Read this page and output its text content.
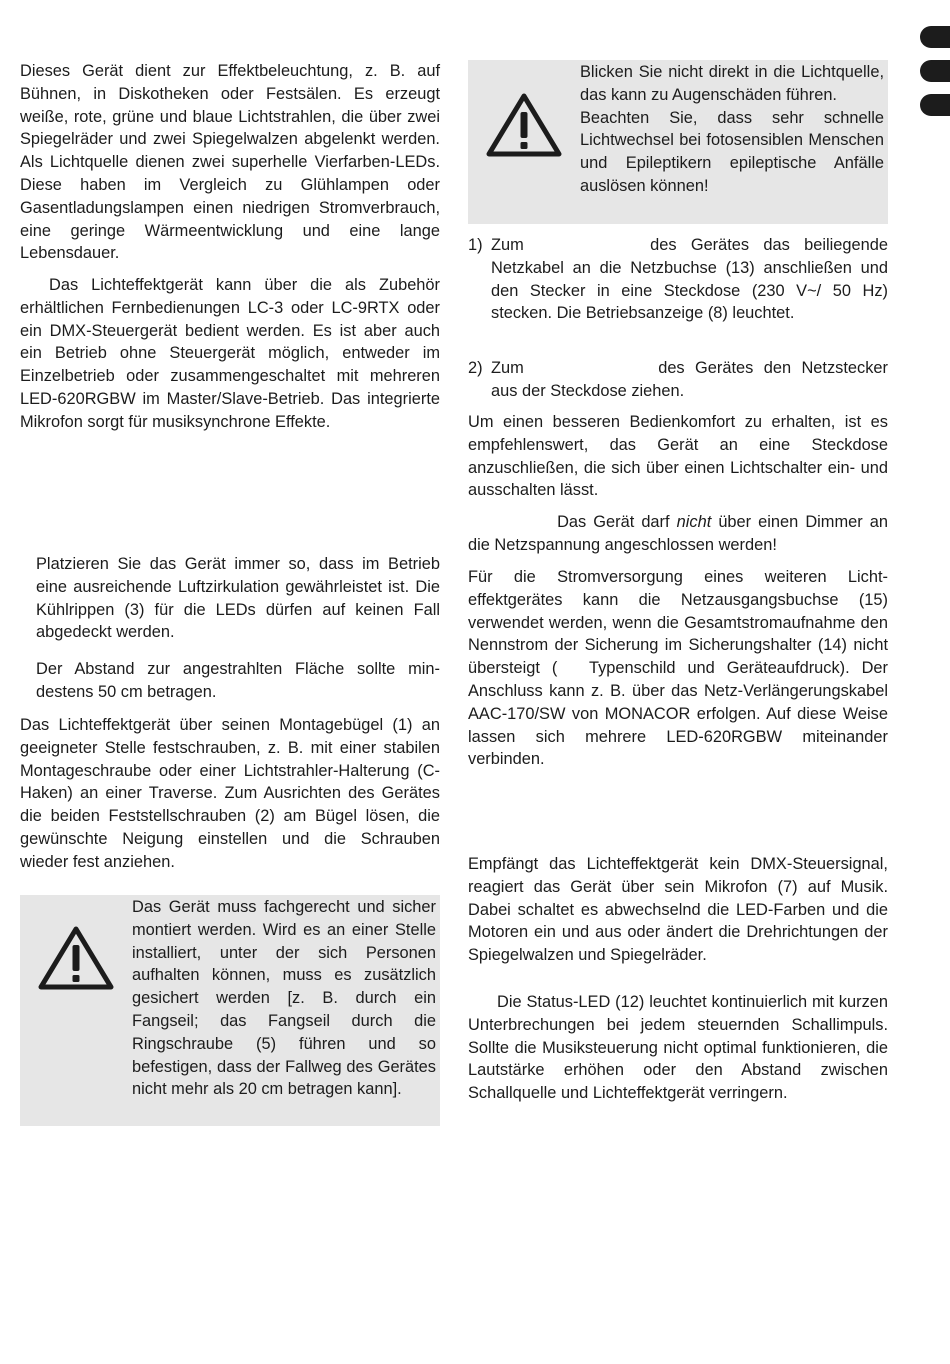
Dieses Gerät dient zur Effektbeleuchtung, z. B. auf Bühnen, in Diskotheken oder Festsälen. Es erzeugt weiße, rote, grüne und blaue Lichtstrahlen, die über zwei Spiegelräder und zwei Spiegelwalzen abgelenkt werden. Als Lichtquelle dienen zwei superhelle Vierfarben-LEDs. Diese haben im Vergleich zu Glühlampen oder Gasentladungslampen einen niedrigen Stromverbrauch, eine geringe Wärmeentwicklung und eine lange Lebensdauer.

Das Lichteffektgerät kann über die als Zubehör erhältlichen Fernbedienungen LC-3 oder LC-9RTX oder ein DMX-Steuergerät bedient werden. Es ist aber auch ein Betrieb ohne Steuergerät möglich, entweder im Einzelbetrieb oder zusammengeschaltet mit mehreren LED-620RGBW im Master/Slave-Betrieb. Das integrierte Mikrofon sorgt für musiksynchrone Effekte.

Platzieren Sie das Gerät immer so, dass im Betrieb eine ausreichende Luftzirkulation gewährleistet ist. Die Kühlrippen (3) für die LEDs dürfen auf keinen Fall abgedeckt werden.

Der Abstand zur angestrahlten Fläche sollte mindestens 50 cm betragen.

Das Lichteffektgerät über seinen Montagebügel (1) an geeigneter Stelle festschrauben, z. B. mit einer stabilen Montageschraube oder einer Lichtstrahler-Halterung (C-Haken) an einer Traverse. Zum Ausrichten des Gerätes die beiden Feststellschrauben (2) am Bügel lösen, die gewünschte Neigung einstellen und die Schrauben wieder fest anziehen.

Das Gerät muss fachgerecht und sicher montiert werden. Wird es an einer Stelle installiert, unter der sich Personen aufhalten können, muss es zusätzlich gesichert werden [z. B. durch ein Fangseil; das Fangseil durch die Ringschraube (5) führen und so befestigen, dass der Fallweg des Gerätes nicht mehr als 20 cm betragen kann].

Blicken Sie nicht direkt in die Lichtquelle, das kann zu Augenschäden führen.

Beachten Sie, dass sehr schnelle Lichtwechsel bei fotosensiblen Menschen und Epileptikern epileptische Anfälle auslösen können!

1) Zum	des Gerätes das beiliegende Netzkabel an die Netzbuchse (13) anschließen und den Stecker in eine Steckdose (230 V~/ 50 Hz) stecken. Die Betriebsanzeige (8) leuchtet.

2) Zum	des Gerätes den Netzstecker aus der Steckdose ziehen.

Um einen besseren Bedienkomfort zu erhalten, ist es empfehlenswert, das Gerät an eine Steckdose anzuschließen, die sich über einen Lichtschalter ein- und ausschalten lässt.

Das Gerät darf nicht über einen Dimmer an die Netzspannung angeschlossen werden!

Für die Stromversorgung eines weiteren Lichteffektgerätes kann die Netzausgangsbuchse (15) verwendet werden, wenn die Gesamtstromaufnahme den Nennstrom der Sicherung im Sicherungshalter (14) nicht übersteigt ( Typenschild und Geräteaufdruck). Der Anschluss kann z. B. über das Netz-Verlängerungskabel AAC-170/SW von MONACOR erfolgen. Auf diese Weise lassen sich mehrere LED-620RGBW miteinander verbinden.

Empfängt das Lichteffektgerät kein DMX-Steuersignal, reagiert das Gerät über sein Mikrofon (7) auf Musik. Dabei schaltet es abwechselnd die LED-Farben und die Motoren ein und aus oder ändert die Drehrichtungen der Spiegelwalzen und Spiegelräder.

Die Status-LED (12) leuchtet kontinuierlich mit kurzen Unterbrechungen bei jedem steuernden Schallimpuls. Sollte die Musiksteuerung nicht optimal funktionieren, die Lautstärke erhöhen oder den Abstand zwischen Schallquelle und Lichteffektgerät verringern.
